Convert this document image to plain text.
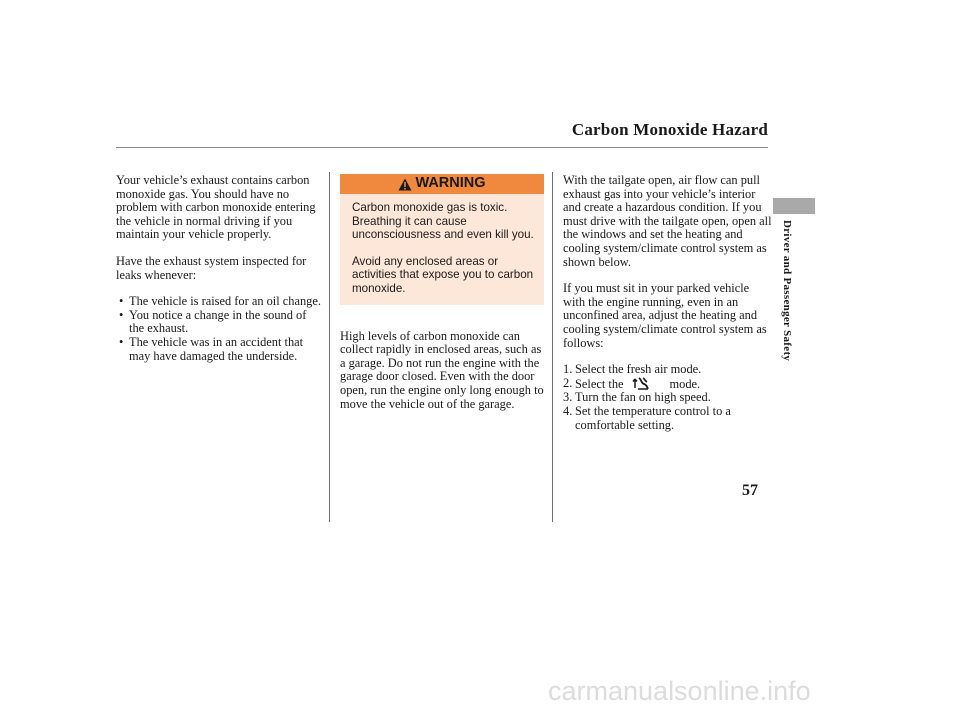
Carbon Monoxide Hazard
Driver and Passenger Safety
57

Your vehicle’s exhaust contains carbon monoxide gas. You should have no problem with carbon monoxide entering the vehicle in normal driving if you maintain your vehicle properly.

Have the exhaust system inspected for leaks whenever:

• The vehicle is raised for an oil change.
• You notice a change in the sound of the exhaust.
• The vehicle was in an accident that may have damaged the underside.
WARNING

Carbon monoxide gas is toxic. Breathing it can cause unconsciousness and even kill you.

Avoid any enclosed areas or activities that expose you to carbon monoxide.

High levels of carbon monoxide can collect rapidly in enclosed areas, such as a garage. Do not run the engine with the garage door closed. Even with the door open, run the engine only long enough to move the vehicle out of the garage.

With the tailgate open, air flow can pull exhaust gas into your vehicle’s interior and create a hazardous condition. If you must drive with the tailgate open, open all the windows and set the heating and cooling system/climate control system as shown below.

If you must sit in your parked vehicle with the engine running, even in an unconfined area, adjust the heating and cooling system/climate control system as follows:

1. Select the fresh air mode.
2. Select the	mode.
3. Turn the fan on high speed.
4. Set the temperature control to a comfortable setting.
carmanualsonline.info
